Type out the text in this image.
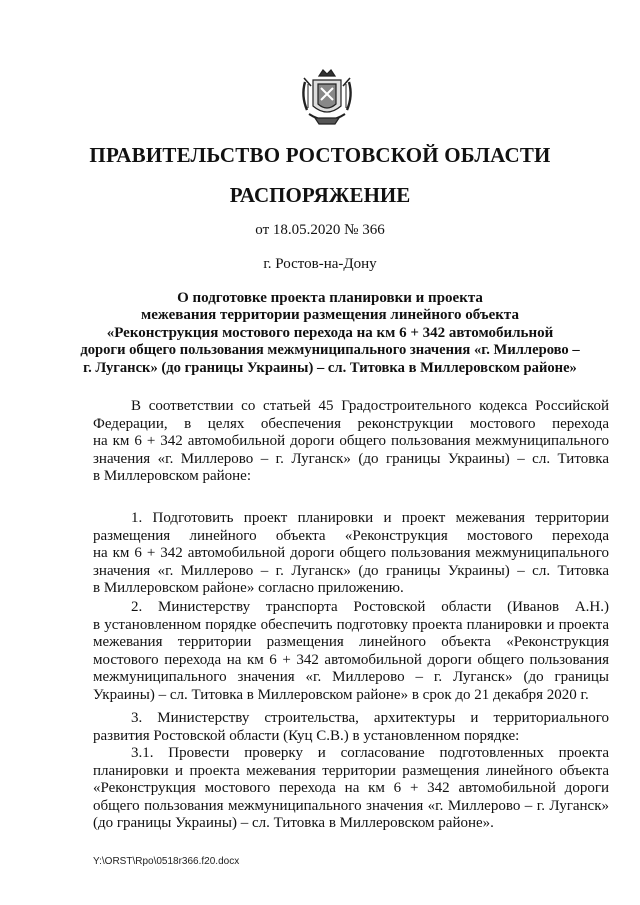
ПРАВИТЕЛЬСТВО РОСТОВСКОЙ ОБЛАСТИ
РАСПОРЯЖЕНИЕ
от 18.05.2020 № 366
г. Ростов-на-Дону
О подготовке проекта планировки и проекта
межевания территории размещения линейного объекта
«Реконструкция мостового перехода на км 6 + 342 автомобильной
дороги общего пользования межмуниципального значения «г. Миллерово –
г. Луганск» (до границы Украины) – сл. Титовка в Миллеровском районе»
В соответствии со статьей 45 Градостроительного кодекса Российской
Федерации, в целях обеспечения реконструкции мостового перехода
на км 6 + 342 автомобильной дороги общего пользования межмуниципального
значения «г. Миллерово – г. Луганск» (до границы Украины) – сл. Титовка
в Миллеровском районе:
1. Подготовить проект планировки и проект межевания территории
размещения линейного объекта «Реконструкция мостового перехода
на км 6 + 342 автомобильной дороги общего пользования межмуниципального
значения «г. Миллерово – г. Луганск» (до границы Украины) – сл. Титовка
в Миллеровском районе» согласно приложению.
2. Министерству транспорта Ростовской области (Иванов А.Н.)
в установленном порядке обеспечить подготовку проекта планировки и проекта
межевания территории размещения линейного объекта «Реконструкция
мостового перехода на км 6 + 342 автомобильной дороги общего пользования
межмуниципального значения «г. Миллерово – г. Луганск» (до границы
Украины) – сл. Титовка в Миллеровском районе» в срок до 21 декабря 2020 г.
3. Министерству строительства, архитектуры и территориального
развития Ростовской области (Куц С.В.) в установленном порядке:
3.1. Провести проверку и согласование подготовленных проекта
планировки и проекта межевания территории размещения линейного объекта
«Реконструкция мостового перехода на км 6 + 342 автомобильной дороги
общего пользования межмуниципального значения «г. Миллерово – г. Луганск»
(до границы Украины) – сл. Титовка в Миллеровском районе».
Y:\ORST\Rpo\0518r366.f20.docx
